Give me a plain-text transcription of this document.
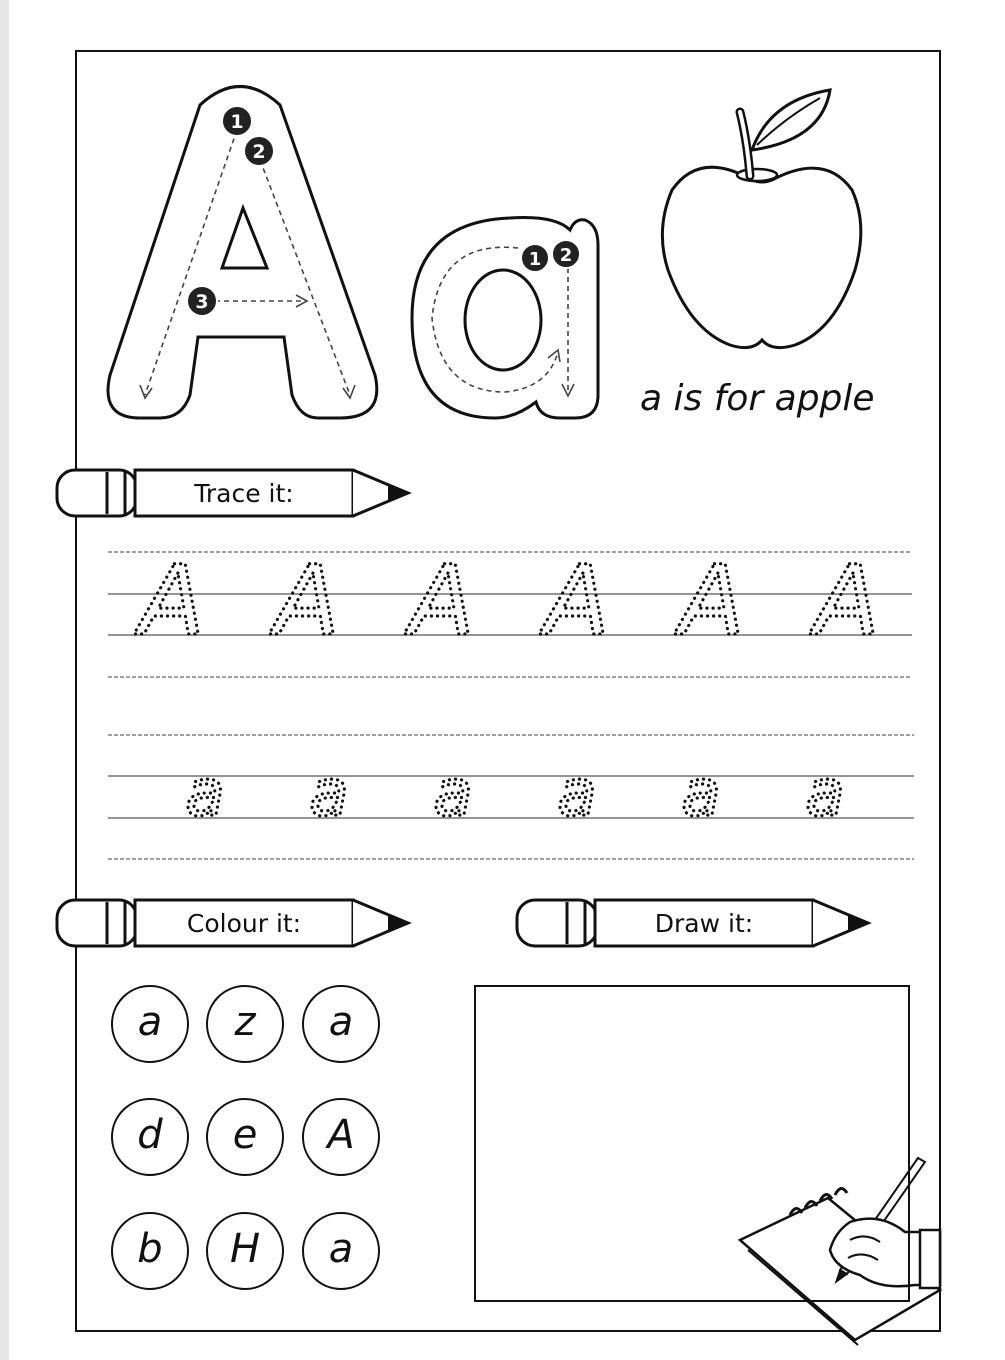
1
2
3
1 2
Trace it:
Colour it:	Draw it:
a is for apple
A A A A A A
a a a a a a
a z a
d e A
b H a
